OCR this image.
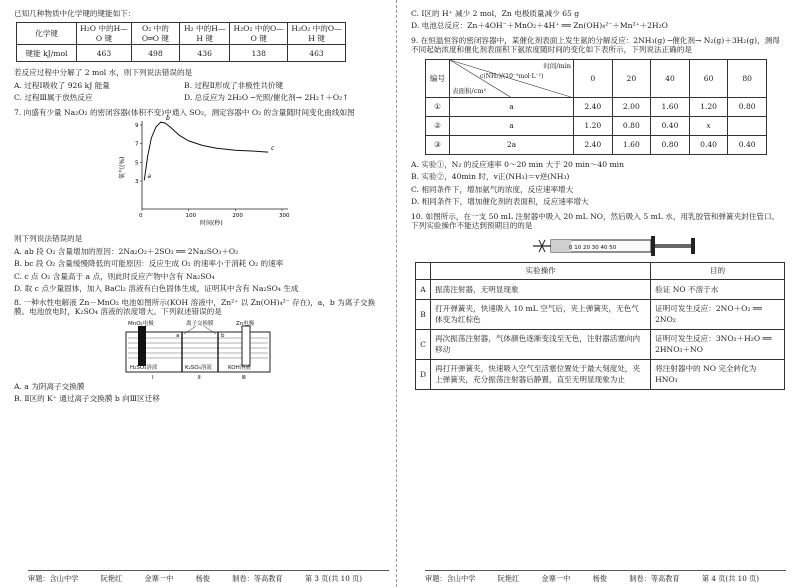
已知几种物质中化学键的键能如下：
化学键	H₂O 中的H—O 键	O₂ 中的O═O 键	H₂ 中的H—H 键	H₂O₂ 中的O—O 键	H₂O₂ 中的O—H 键
键能 kJ/mol	463	498	436	138	463
若反应过程中分解了 2 mol 水，则下列说法错误的是
A. 过程Ⅰ吸收了 926 kJ 能量	B. 过程Ⅱ形成了非极性共价键
C. 过程Ⅲ属于放热反应	D. 总反应为 2H₂O ─光照/催化剂→ 2H₂↑＋O₂↑
7. 向盛有少量 Na₂O₂ 的密闭容器(体积不变)中通入 SO₂，测定容器中 O₂ 的含量随时间变化曲线如图
0	100	200	300
3
5
7
9
时间(秒)
氧气(%)	a
b
c
则下列说法错误的是
A. ab 段 O₂ 含量增加的原因：2Na₂O₂＋2SO₂ ══ 2Na₂SO₃＋O₂
B. bc 段 O₂ 含量缓慢降低的可能原因：反应生成 O₂ 的速率小于消耗 O₂ 的速率
C. c 点 O₂ 含量高于 a 点，则此时反应产物中含有 Na₂SO₄
D. 取 c 点少量固体，加入 BaCl₂ 溶液有白色固体生成，证明其中含有 Na₂SO₄ 生成
8. 一种水性电解液 Zn－MnO₂ 电池如图所示(KOH 溶液中，Zn²⁺ 以 Zn(OH)₄²⁻ 存在)，a，b 为离子交换膜。电池放电时，K₂SO₄ 溶液的浓度增大。下列叙述错误的是
MnO₂电极	离子交换膜	Zn电极
a	b
H₂SO₄溶液	K₂SO₄溶液	KOH溶液
Ⅰ	Ⅱ	Ⅲ
A. a 为阴离子交换膜
B. Ⅱ区的 K⁺ 通过离子交换膜 b 向Ⅲ区迁移
审题：含山中学	阮艳红	金寨一中	杨俊	制卷：等高教育	第 3 页(共 10 页)
C. Ⅰ区的 H⁺ 减少 2 mol，Zn 电极质量减少 65 g
D. 电池总反应：Zn＋4OH⁻＋MnO₂＋4H⁺ ══ Zn(OH)₄²⁻＋Mn²⁺＋2H₂O
9. 在恒温恒容的密闭容器中，某催化剂表面上发生氨的分解反应：2NH₃(g) ─催化剂→ N₂(g)＋3H₂(g)，测得不同起始浓度和催化剂表面积下氨浓度随时间的变化如下表所示，下列说法正确的是
编号	时间/min
c(NH₃)/(10⁻³mol·L⁻¹)
表面积/cm²	0	20	40	60	80
①	a	2.40	2.00	1.60	1.20	0.80
②	a	1.20	0.80	0.40	x	
③	2a	2.40	1.60	0.80	0.40	0.40
A. 实验①，N₂ 的反应速率 0～20 min 大于 20 min～40 min
B. 实验②，40min 时，v正(NH₃)＝v逆(NH₃)
C. 相同条件下，增加氨气的浓度，反应速率增大
D. 相同条件下，增加催化剂的表面积，反应速率增大
10. 如图所示，在一支 50 mL 注射器中吸入 20 mL NO，然后吸入 5 mL 水，用乳胶管和弹簧夹封住管口。下列实验操作不能达到预期目的的是
0 10 20 30 40 50
	实验操作	目的
A	振荡注射器，无明显现象	验证 NO 不溶于水
B	打开弹簧夹，快速吸入 10 mL 空气后，夹上弹簧夹，无色气体变为红棕色	证明可发生反应：2NO＋O₂ ══ 2NO₂
C	再次振荡注射器，气体颜色逐渐变浅至无色，注射器活塞向内移动	证明可发生反应：3NO₂＋H₂O ══ 2HNO₃＋NO
D	再打开弹簧夹，快速吸入空气至活塞位置处于最大刻度处，夹上弹簧夹，充分振荡注射器后静置，直至无明显现象为止	将注射器中的 NO 完全转化为 HNO₃
审题：含山中学	阮艳红	金寨一中	杨俊	制卷：等高教育	第 4 页(共 10 页)
